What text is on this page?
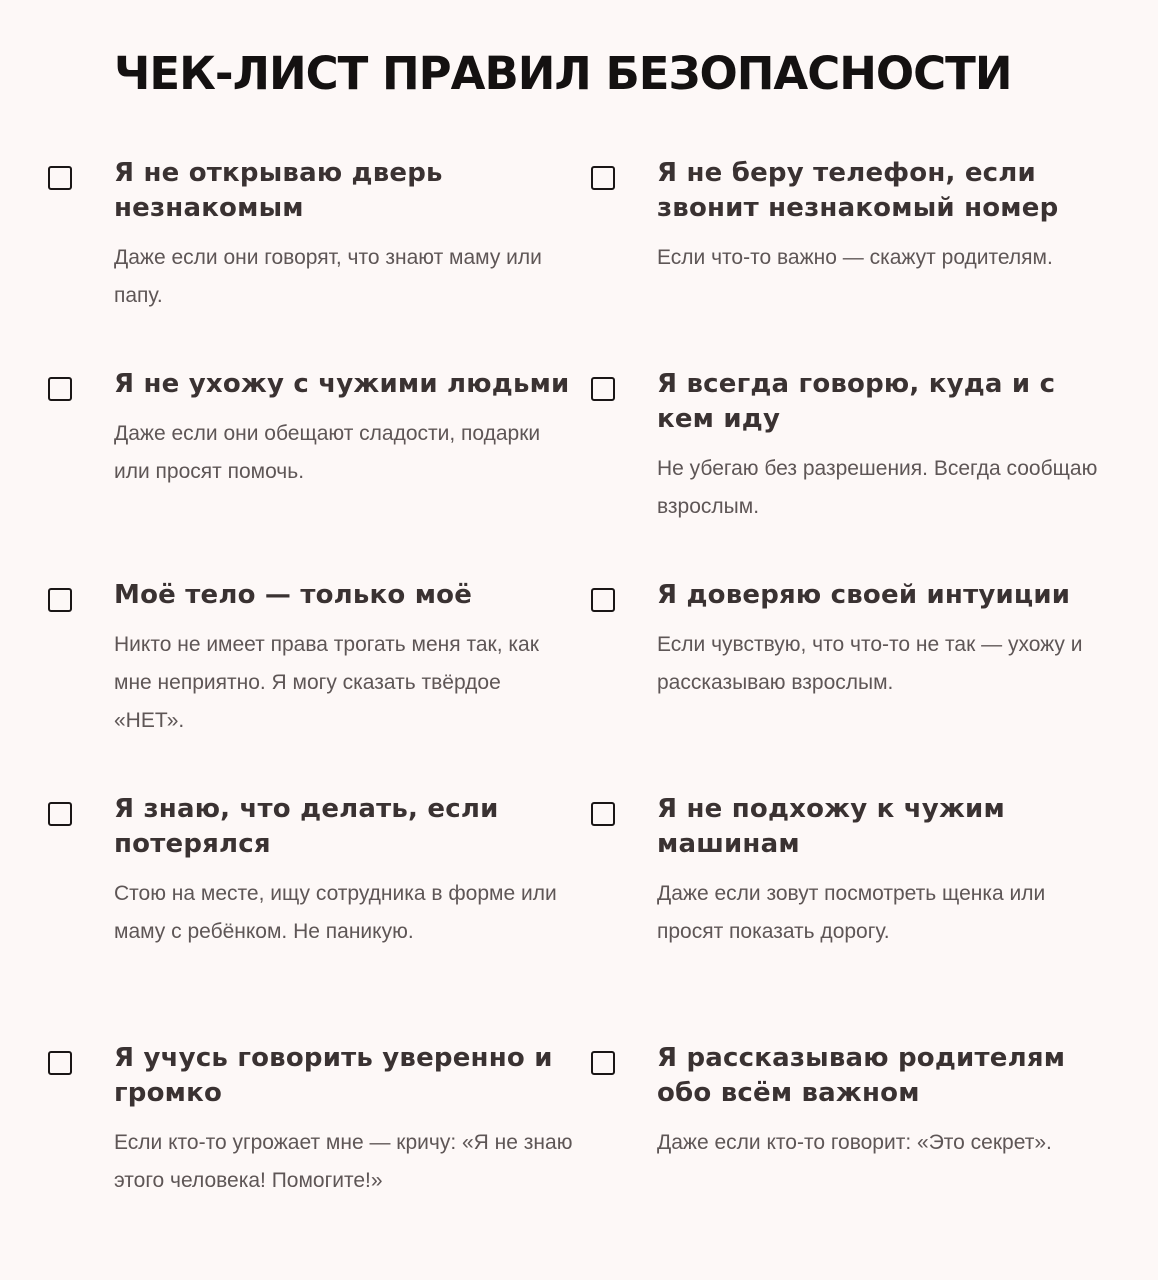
ЧЕК-ЛИСТ ПРАВИЛ БЕЗОПАСНОСТИ

Я не открываю дверь незнакомым

Даже если они говорят, что знают маму или папу.

Я не беру телефон, если звонит незнакомый номер

Если что-то важно — скажут родителям.

Я не ухожу с чужими людьми

Даже если они обещают сладости, подарки или просят помочь.

Я всегда говорю, куда и с кем иду

Не убегаю без разрешения. Всегда сообщаю взрослым.

Моё тело — только моё

Никто не имеет права трогать меня так, как мне неприятно. Я могу сказать твёрдое «НЕТ».

Я доверяю своей интуиции

Если чувствую, что что-то не так — ухожу и рассказываю взрослым.

Я знаю, что делать, если потерялся

Стою на месте, ищу сотрудника в форме или маму с ребёнком. Не паникую.

Я не подхожу к чужим машинам

Даже если зовут посмотреть щенка или просят показать дорогу.

Я учусь говорить уверенно и громко

Если кто-то угрожает мне — кричу: «Я не знаю этого человека! Помогите!»

Я рассказываю родителям обо всём важном

Даже если кто-то говорит: «Это секрет».
